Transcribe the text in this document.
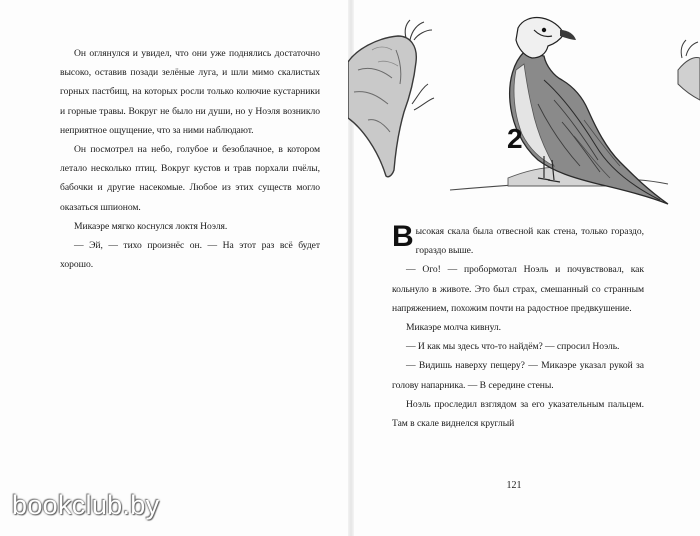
Он оглянулся и увидел, что они уже поднялись достаточно высоко, оставив позади зелёные луга, и шли мимо скалистых горных пастбищ, на которых росли только колючие кустарники и горные травы. Вокруг не было ни души, но у Ноэля возникло неприятное ощущение, что за ними наблюдают.

Он посмотрел на небо, голубое и безоблачное, в котором летало несколько птиц. Вокруг кустов и трав порхали пчёлы, бабочки и другие насекомые. Любое из этих существ могло оказаться шпионом.

Микаэре мягко коснулся локтя Ноэля.

— Эй, — тихо произнёс он. — На этот раз всё будет хорошо.

2

Высокая скала была отвесной как стена, только гораздо, гораздо выше.

— Ого! — пробормотал Ноэль и почувствовал, как кольнуло в животе. Это был страх, смешанный со странным напряжением, похожим почти на радостное предвкушение.

Микаэре молча кивнул.

— И как мы здесь что-то найдём? — спросил Ноэль.

— Видишь наверху пещеру? — Микаэре указал рукой за голову напарника. — В середине стены.

Ноэль проследил взглядом за его указательным пальцем. Там в скале виднелся круглый

121
bookclub.by
